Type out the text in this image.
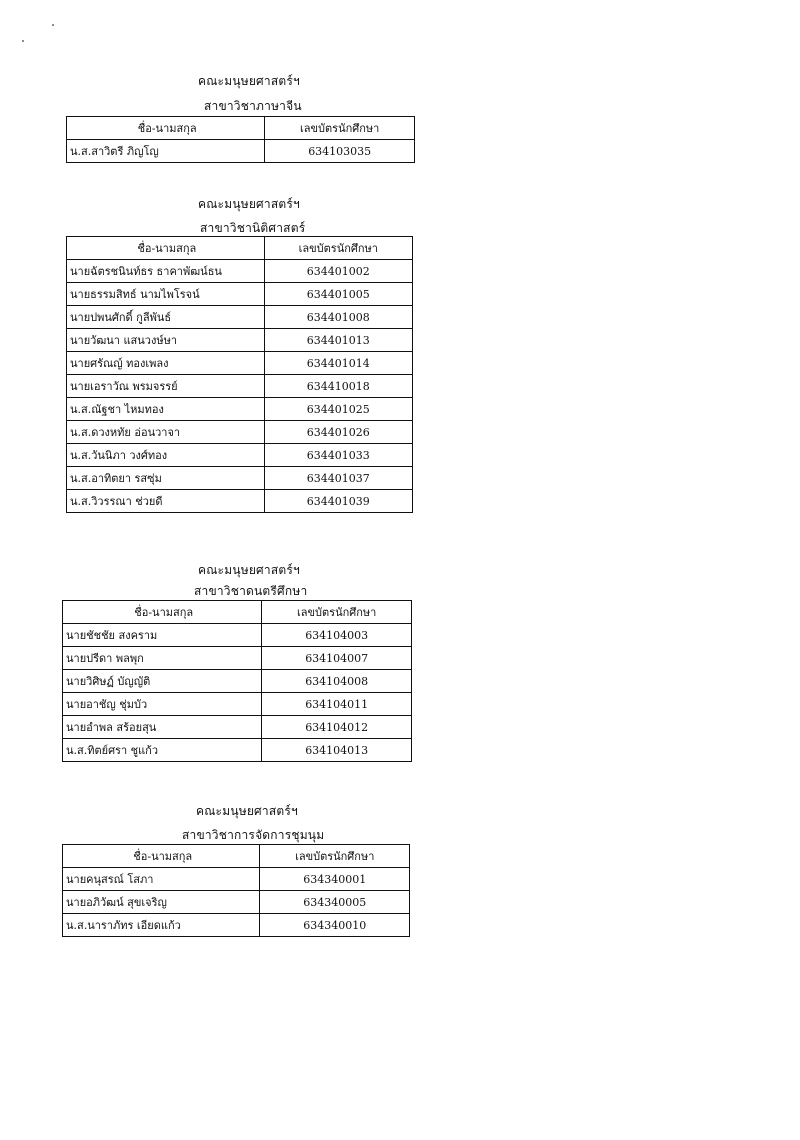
คณะมนุษยศาสตร์ฯ
สาขาวิชาภาษาจีน
ชื่อ-นามสกุล	เลขบัตรนักศึกษา
น.ส.สาวิตรี ภิญโญ	634103035
คณะมนุษยศาสตร์ฯ
สาขาวิชานิติศาสตร์
ชื่อ-นามสกุล	เลขบัตรนักศึกษา
นายฉัตรชนินท์ธร ธาคาพัฒน์ธน	634401002
นายธรรมสิทธ์ นามไพโรจน์	634401005
นายปพนศักดิ์ กูลีพันธ์	634401008
นายวัฒนา แสนวงษ์ษา	634401013
นายศรัณญ์ ทองเพลง	634401014
นายเอราวัณ พรมจรรย์	634410018
น.ส.ณัฐชา ไหมทอง	634401025
น.ส.ดวงหทัย อ่อนวาจา	634401026
น.ส.วันนิภา วงศ์ทอง	634401033
น.ส.อาทิตยา รสซุ่ม	634401037
น.ส.วิวรรณา ช่วยดี	634401039
คณะมนุษยศาสตร์ฯ
สาขาวิชาดนตรีศึกษา
ชื่อ-นามสกุล	เลขบัตรนักศึกษา
นายชัชชัย สงคราม	634104003
นายปรีดา พลพุก	634104007
นายวิศิษฏ์ บัญญัติ	634104008
นายอาชัญ ชุ่มบัว	634104011
นายอำพล สร้อยสุน	634104012
น.ส.ทิตย์ศรา ชูแก้ว	634104013
คณะมนุษยศาสตร์ฯ
สาขาวิชาการจัดการชุมนุม
ชื่อ-นามสกุล	เลขบัตรนักศึกษา
นายคนุสรณ์ โสภา	634340001
นายอภิวัฒน์ สุขเจริญ	634340005
น.ส.นาราภัทร เอียดแก้ว	634340010
